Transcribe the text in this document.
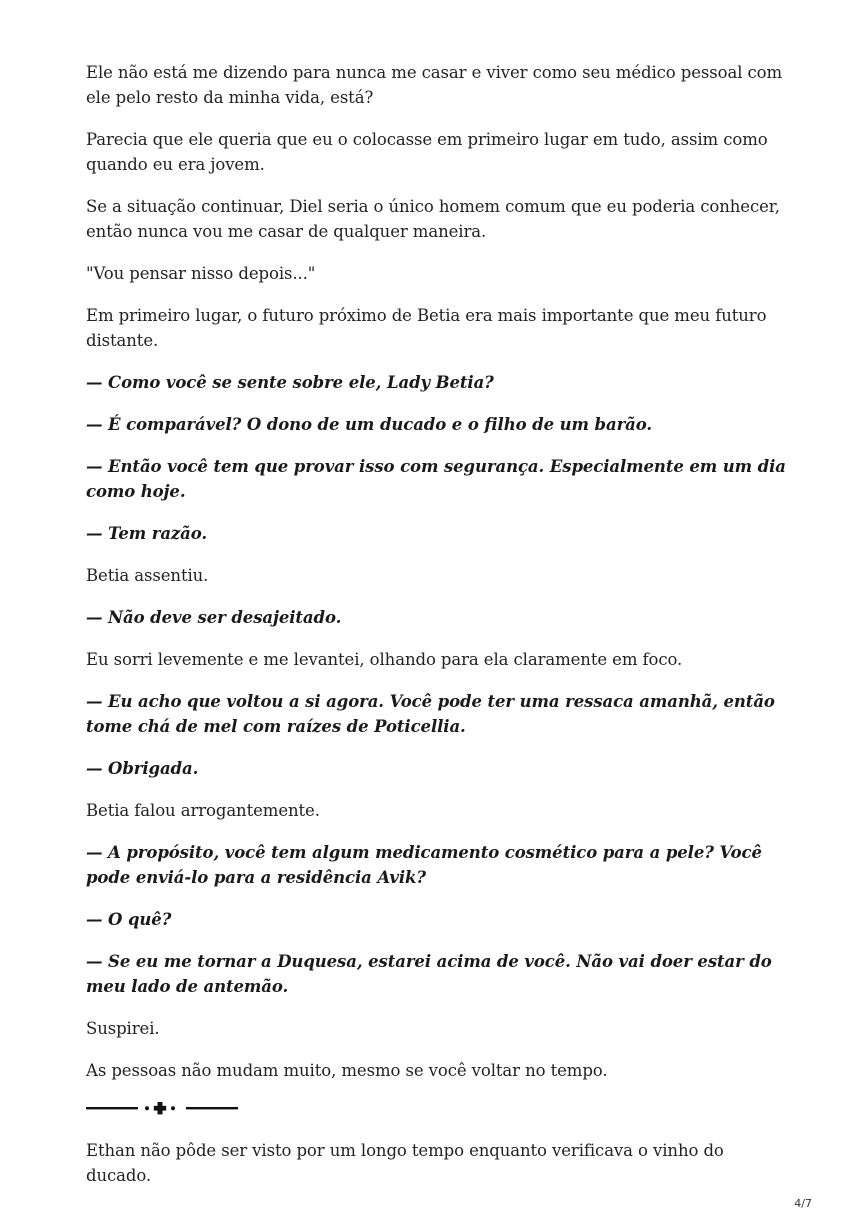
Ele não está me dizendo para nunca me casar e viver como seu médico pessoal com ele pelo resto da minha vida, está?

Parecia que ele queria que eu o colocasse em primeiro lugar em tudo, assim como quando eu era jovem.

Se a situação continuar, Diel seria o único homem comum que eu poderia conhecer, então nunca vou me casar de qualquer maneira.

"Vou pensar nisso depois..."

Em primeiro lugar, o futuro próximo de Betia era mais importante que meu futuro distante.

— Como você se sente sobre ele, Lady Betia?

— É comparável? O dono de um ducado e o filho de um barão.

— Então você tem que provar isso com segurança. Especialmente em um dia como hoje.

— Tem razão.

Betia assentiu.

— Não deve ser desajeitado.

Eu sorri levemente e me levantei, olhando para ela claramente em foco.

— Eu acho que voltou a si agora. Você pode ter uma ressaca amanhã, então tome chá de mel com raízes de Poticellia.

— Obrigada.

Betia falou arrogantemente.

— A propósito, você tem algum medicamento cosmético para a pele? Você pode enviá-lo para a residência Avik?

— O quê?

— Se eu me tornar a Duquesa, estarei acima de você. Não vai doer estar do meu lado de antemão.

Suspirei.

As pessoas não mudam muito, mesmo se você voltar no tempo.

Ethan não pôde ser visto por um longo tempo enquanto verificava o vinho do ducado.

4/7
